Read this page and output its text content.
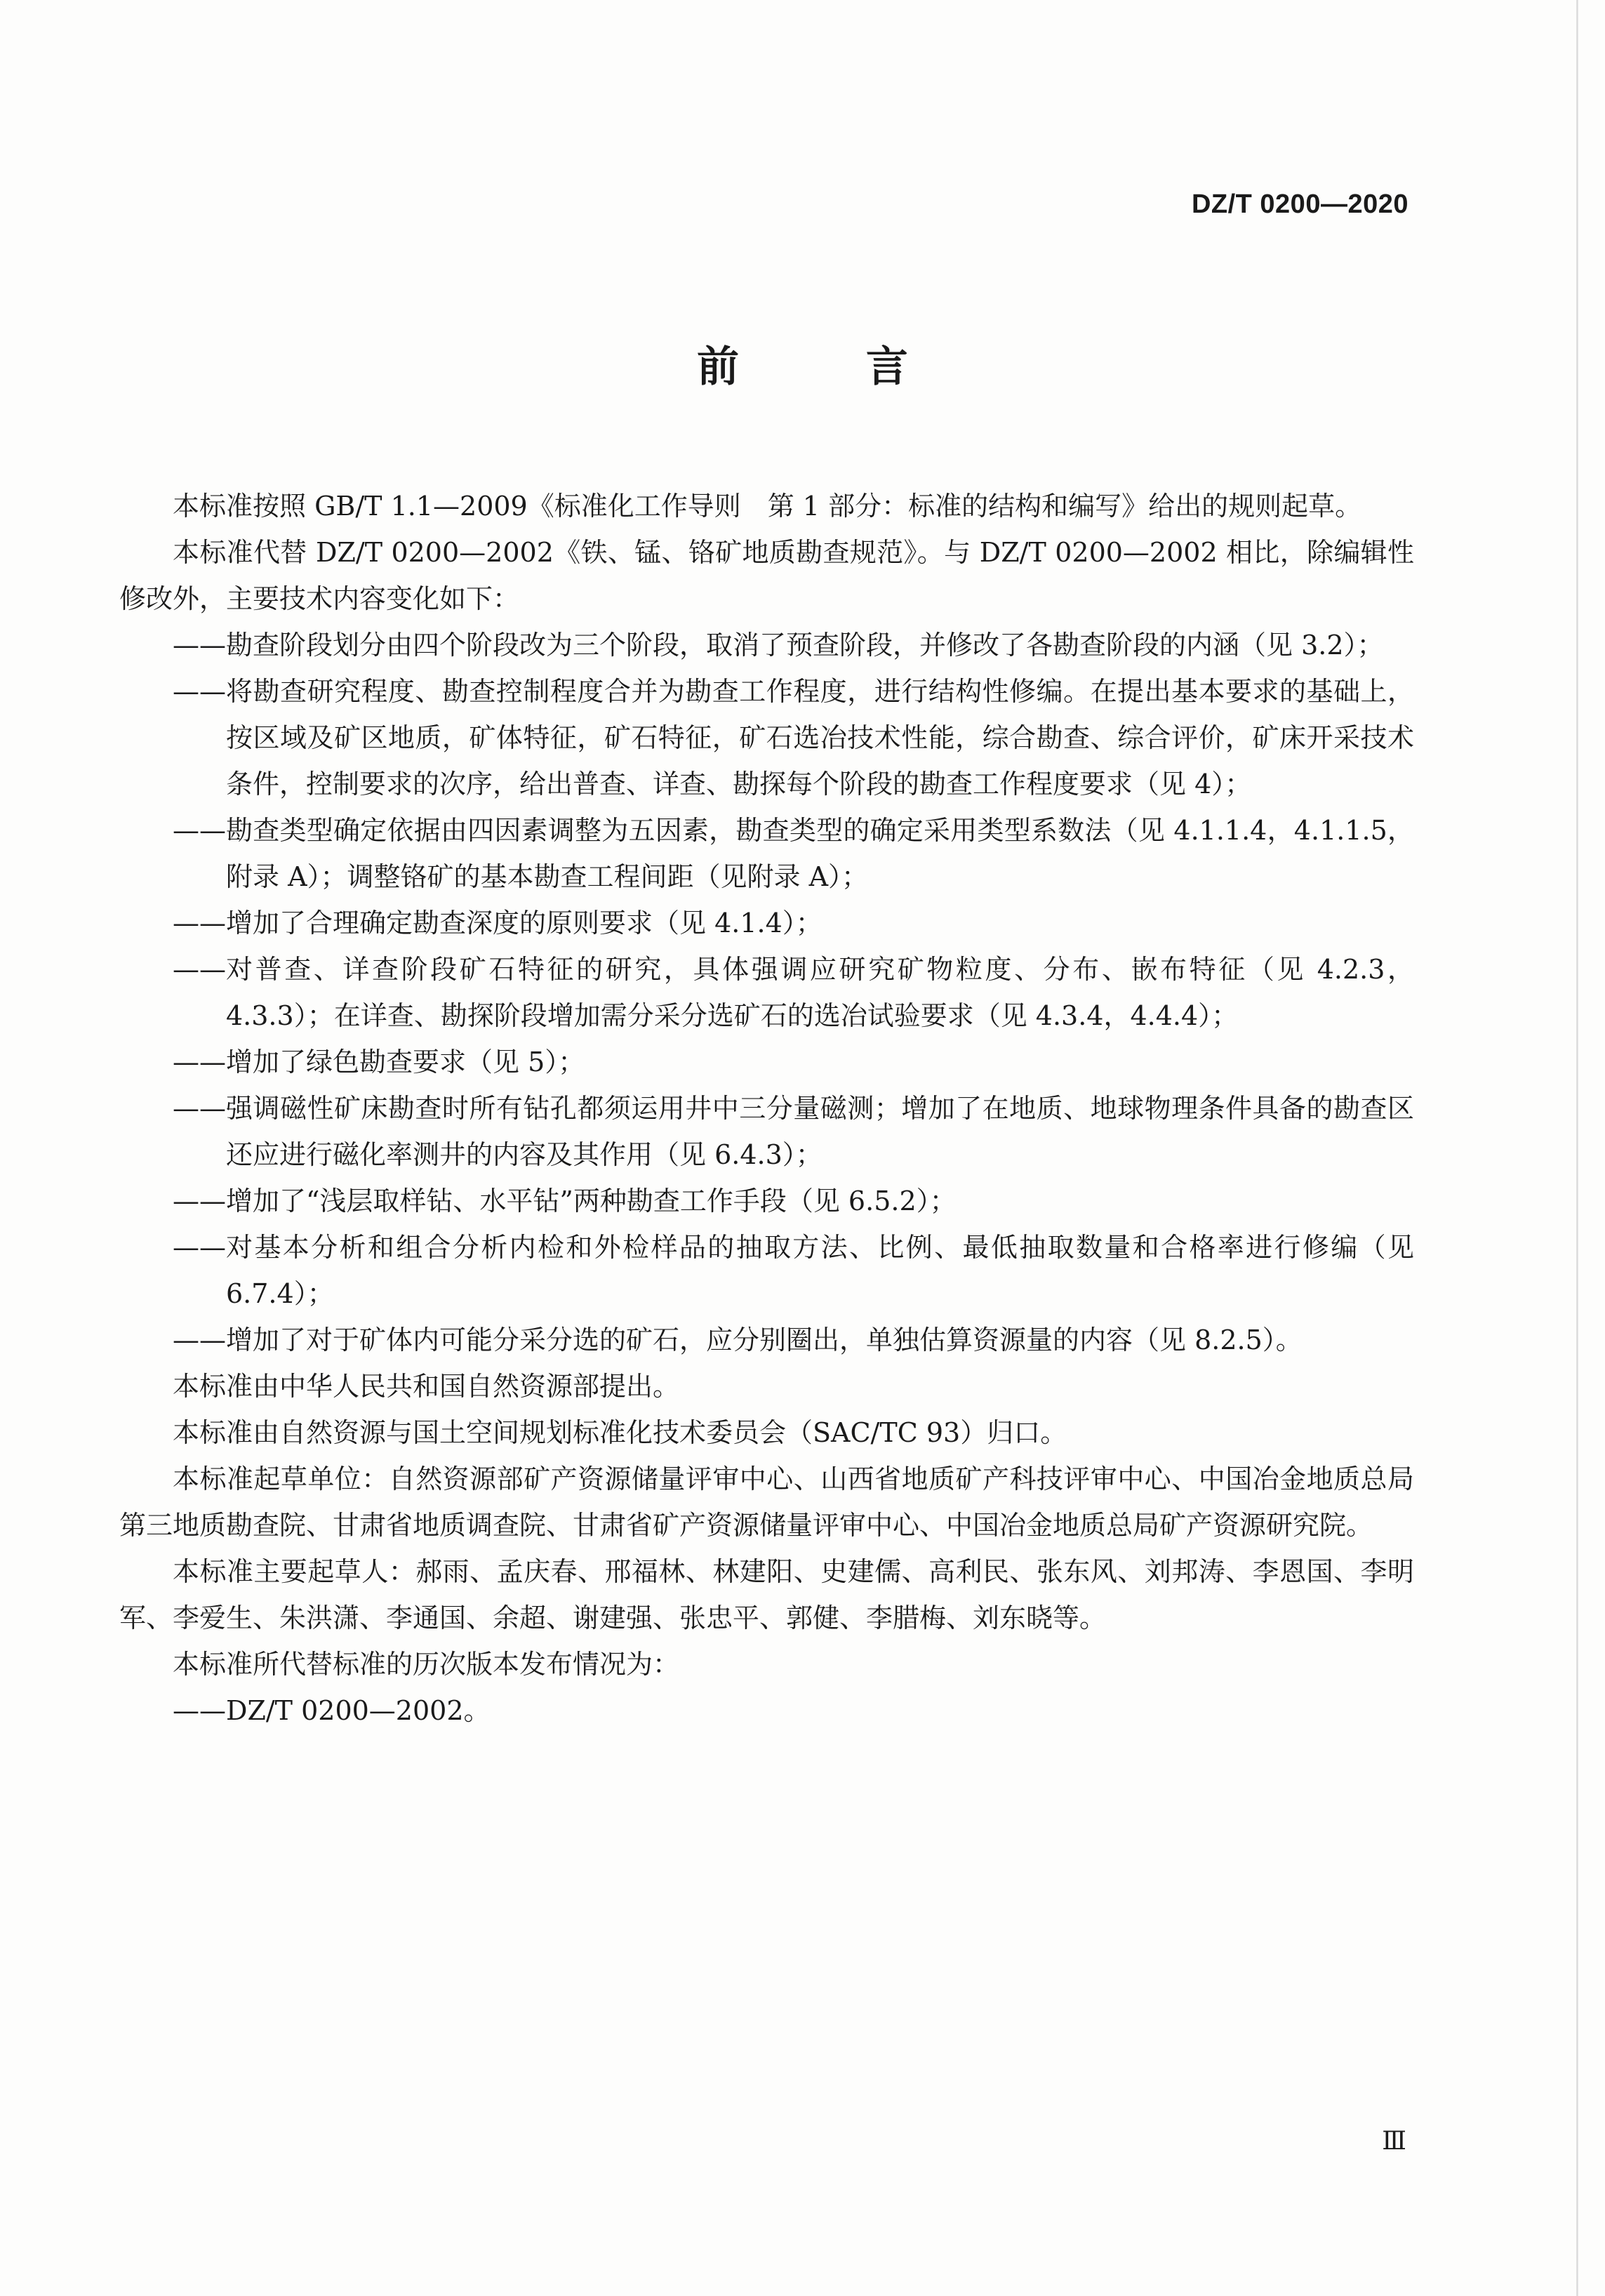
DZ/T 0200—2020
前 言

本标准按照 GB/T 1.1—2009《标准化工作导则　第 1 部分：标准的结构和编写》给出的规则起草。

本标准代替 DZ/T 0200—2002《铁、锰、铬矿地质勘查规范》。与 DZ/T 0200—2002 相比，除编辑性修改外，主要技术内容变化如下：

—— 勘查阶段划分由四个阶段改为三个阶段，取消了预查阶段，并修改了各勘查阶段的内涵（见 3.2）；
—— 将勘查研究程度、勘查控制程度合并为勘查工作程度，进行结构性修编。在提出基本要求的基础上，按区域及矿区地质，矿体特征，矿石特征，矿石选冶技术性能，综合勘查、综合评价，矿床开采技术条件，控制要求的次序，给出普查、详查、勘探每个阶段的勘查工作程度要求（见 4）；
—— 勘查类型确定依据由四因素调整为五因素，勘查类型的确定采用类型系数法（见 4.1.1.4，4.1.1.5，附录 A）；调整铬矿的基本勘查工程间距（见附录 A）；
—— 增加了合理确定勘查深度的原则要求（见 4.1.4）；
—— 对普查、详查阶段矿石特征的研究，具体强调应研究矿物粒度、分布、嵌布特征（见 4.2.3，4.3.3）；在详查、勘探阶段增加需分采分选矿石的选冶试验要求（见 4.3.4，4.4.4）；
—— 增加了绿色勘查要求（见 5）；
—— 强调磁性矿床勘查时所有钻孔都须运用井中三分量磁测；增加了在地质、地球物理条件具备的勘查区还应进行磁化率测井的内容及其作用（见 6.4.3）；
—— 增加了“浅层取样钻、水平钻”两种勘查工作手段（见 6.5.2）；
—— 对基本分析和组合分析内检和外检样品的抽取方法、比例、最低抽取数量和合格率进行修编（见 6.7.4）；
—— 增加了对于矿体内可能分采分选的矿石，应分别圈出，单独估算资源量的内容（见 8.2.5）。

本标准由中华人民共和国自然资源部提出。

本标准由自然资源与国土空间规划标准化技术委员会（SAC/TC 93）归口。

本标准起草单位：自然资源部矿产资源储量评审中心、山西省地质矿产科技评审中心、中国冶金地质总局第三地质勘查院、甘肃省地质调查院、甘肃省矿产资源储量评审中心、中国冶金地质总局矿产资源研究院。

本标准主要起草人：郝雨、孟庆春、邢福林、林建阳、史建儒、高利民、张东风、刘邦涛、李恩国、李明军、李爱生、朱洪潇、李通国、余超、谢建强、张忠平、郭健、李腊梅、刘东晓等。

本标准所代替标准的历次版本发布情况为：

—— DZ/T 0200—2002。
Ⅲ
